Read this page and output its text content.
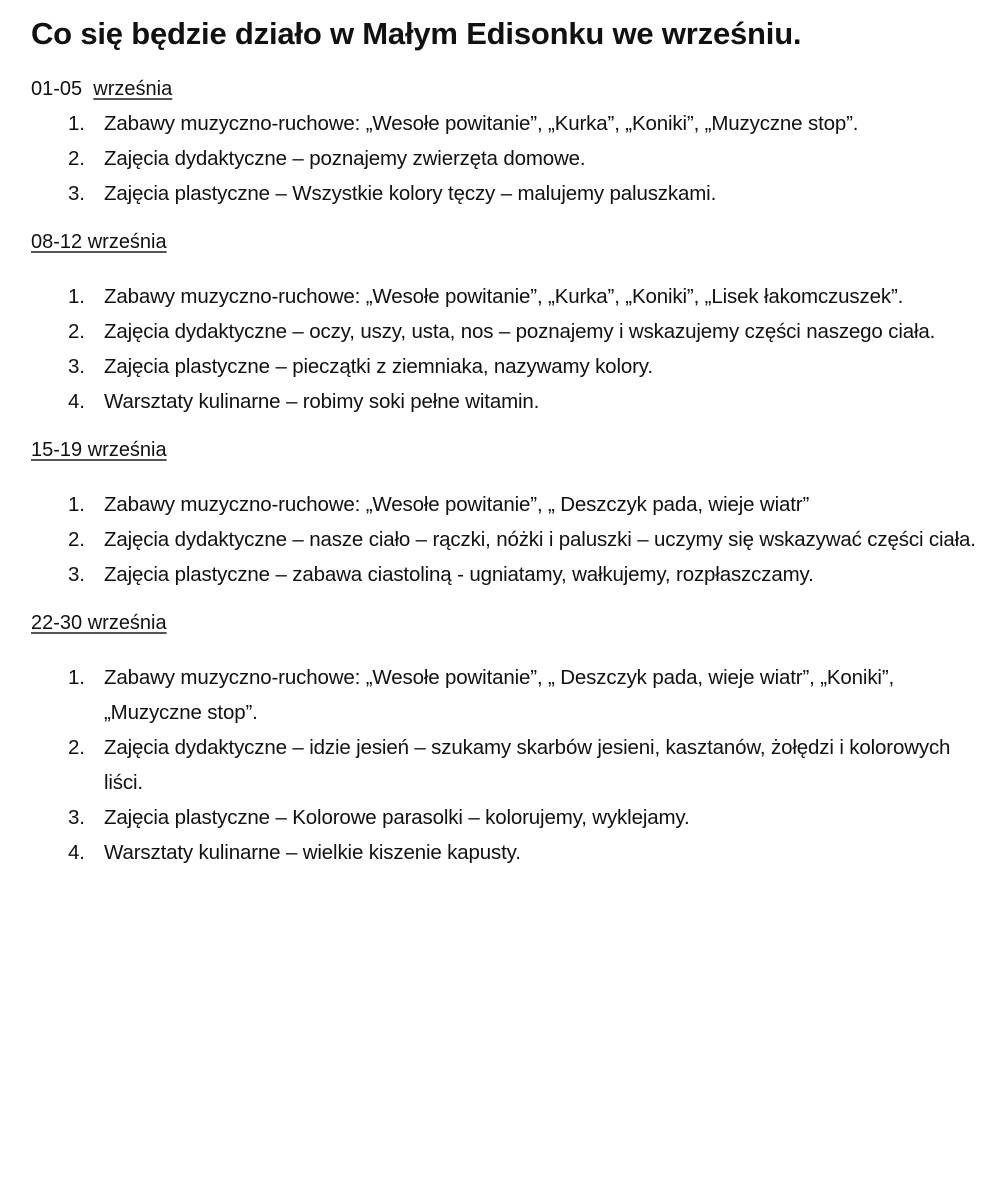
Co się będzie działo w Małym Edisonku we wrześniu.

01-05 września

1. Zabawy muzyczno-ruchowe: „Wesołe powitanie”, „Kurka”, „Koniki”, „Muzyczne stop”.
2. Zajęcia dydaktyczne – poznajemy zwierzęta domowe.
3. Zajęcia plastyczne – Wszystkie kolory tęczy – malujemy paluszkami.

08-12 września

1. Zabawy muzyczno-ruchowe: „Wesołe powitanie”, „Kurka”, „Koniki”, „Lisek łakomczuszek”.
2. Zajęcia dydaktyczne – oczy, uszy, usta, nos – poznajemy i wskazujemy części naszego ciała.
3. Zajęcia plastyczne – pieczątki z ziemniaka, nazywamy kolory.
4. Warsztaty kulinarne – robimy soki pełne witamin.

15-19 września

1. Zabawy muzyczno-ruchowe: „Wesołe powitanie”, „ Deszczyk pada, wieje wiatr”
2. Zajęcia dydaktyczne – nasze ciało – rączki, nóżki i paluszki – uczymy się wskazywać części ciała.
3. Zajęcia plastyczne – zabawa ciastoliną - ugniatamy, wałkujemy, rozpłaszczamy.

22-30 września

1. Zabawy muzyczno-ruchowe: „Wesołe powitanie”, „ Deszczyk pada, wieje wiatr”, „Koniki”, „Muzyczne stop”.
2. Zajęcia dydaktyczne – idzie jesień – szukamy skarbów jesieni, kasztanów, żołędzi i kolorowych liści.
3. Zajęcia plastyczne – Kolorowe parasolki – kolorujemy, wyklejamy.
4. Warsztaty kulinarne – wielkie kiszenie kapusty.
